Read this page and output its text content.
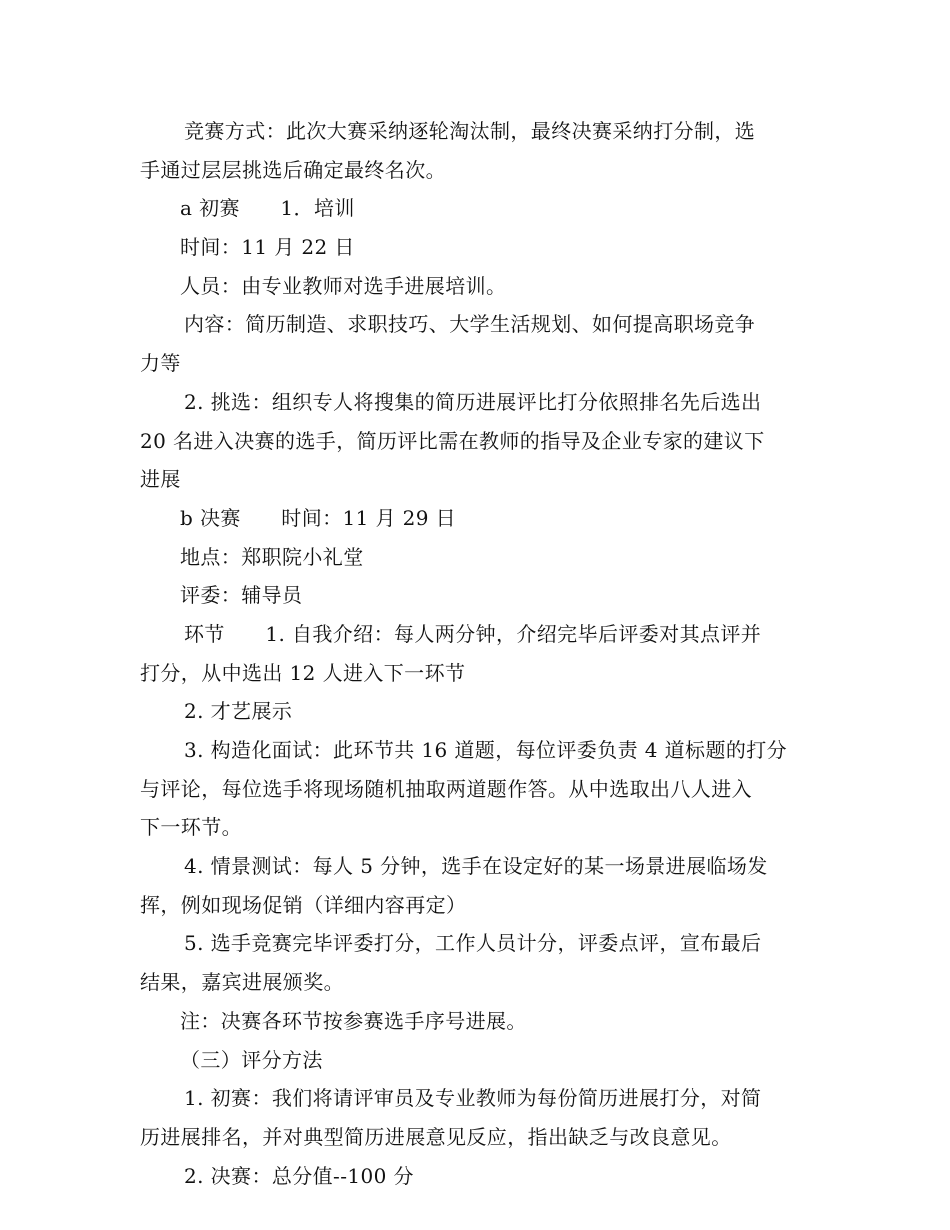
竞赛方式：此次大赛采纳逐轮淘汰制，最终决赛采纳打分制，选
手通过层层挑选后确定最终名次。
a 初赛      1．培训
时间：11 月 22 日
人员：由专业教师对选手进展培训。
内容：简历制造、求职技巧、大学生活规划、如何提高职场竞争
力等
2. 挑选：组织专人将搜集的简历进展评比打分依照排名先后选出
20 名进入决赛的选手，简历评比需在教师的指导及企业专家的建议下
进展
b 决赛      时间：11 月 29 日
地点：郑职院小礼堂
评委：辅导员
环节      1. 自我介绍：每人两分钟，介绍完毕后评委对其点评并
打分，从中选出 12 人进入下一环节
2. 才艺展示
3. 构造化面试：此环节共 16 道题，每位评委负责 4 道标题的打分
与评论，每位选手将现场随机抽取两道题作答。从中选取出八人进入
下一环节。
4. 情景测试：每人 5 分钟，选手在设定好的某一场景进展临场发
挥，例如现场促销（详细内容再定）
5. 选手竞赛完毕评委打分，工作人员计分，评委点评，宣布最后
结果，嘉宾进展颁奖。
注：决赛各环节按参赛选手序号进展。
（三）评分方法
1. 初赛：我们将请评审员及专业教师为每份简历进展打分，对简
历进展排名，并对典型简历进展意见反应，指出缺乏与改良意见。
2. 决赛：总分值--100 分
